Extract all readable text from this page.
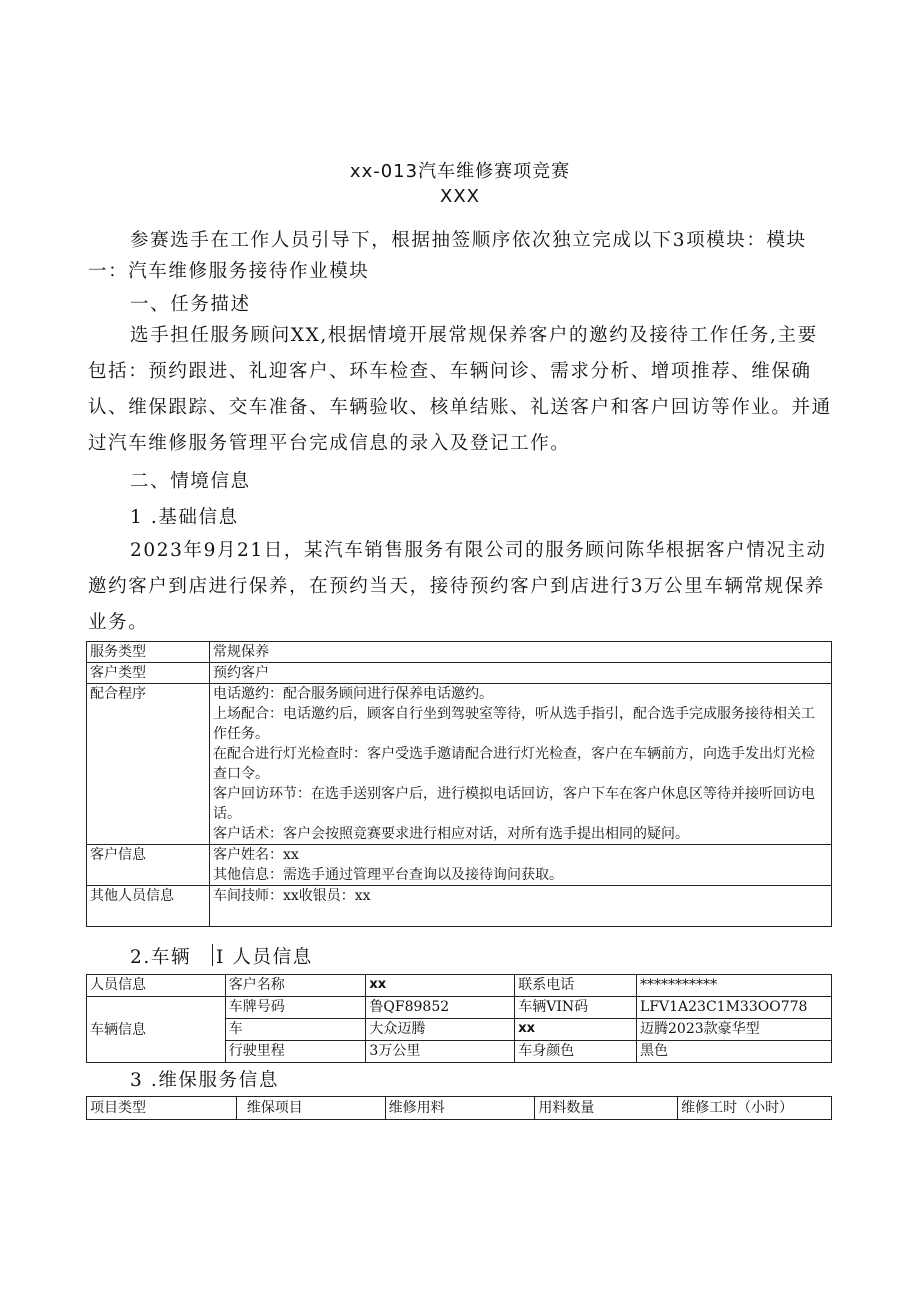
xx-013汽车维修赛项竞赛
XXX
参赛选手在工作人员引导下，根据抽签顺序依次独立完成以下3项模块：模块
一：汽车维修服务接待作业模块
一、任务描述

选手担任服务顾问XX,根据情境开展常规保养客户的邀约及接待工作任务,主要包括：预约跟进、礼迎客户、环车检查、车辆问诊、需求分析、增项推荐、维保确认、维保跟踪、交车准备、车辆验收、核单结账、礼送客户和客户回访等作业。并通过汽车维修服务管理平台完成信息的录入及登记工作。

二、情境信息
1 .基础信息

2023年9月21日，某汽车销售服务有限公司的服务顾问陈华根据客户情况主动邀约客户到店进行保养，在预约当天，接待预约客户到店进行3万公里车辆常规保养业务。

服务类型	常规保养
客户类型	预约客户
配合程序	电话邀约：配合服务顾问进行保养电话邀约。
上场配合：电话邀约后，顾客自行坐到驾驶室等待，听从选手指引，配合选手完成服务接待相关工作任务。
在配合进行灯光检查时：客户受选手邀请配合进行灯光检查，客户在车辆前方，向选手发出灯光检查口令。
客户回访环节：在选手送别客户后，进行模拟电话回访，客户下车在客户休息区等待并接听回访电话。
客户话术：客户会按照竞赛要求进行相应对话，对所有选手提出相同的疑问。

客户信息	客户姓名：xx
其他信息：需选手通过管理平台查询以及接待询问获取。

其他人员信息	车间技师：xx收银员：xx
2.车辆 I 人员信息
人员信息	客户名称	xx	联系电话	***********
车辆信息	车牌号码	鲁QF89852	车辆VIN码	LFV1A23C1M33OO778
	车	大众迈腾	xx	迈腾2023款豪华型
	行驶里程	3万公里	车身颜色	黑色
3 .维保服务信息
项目类型	维保项目	维修用料	用料数量	维修工时（小时）
